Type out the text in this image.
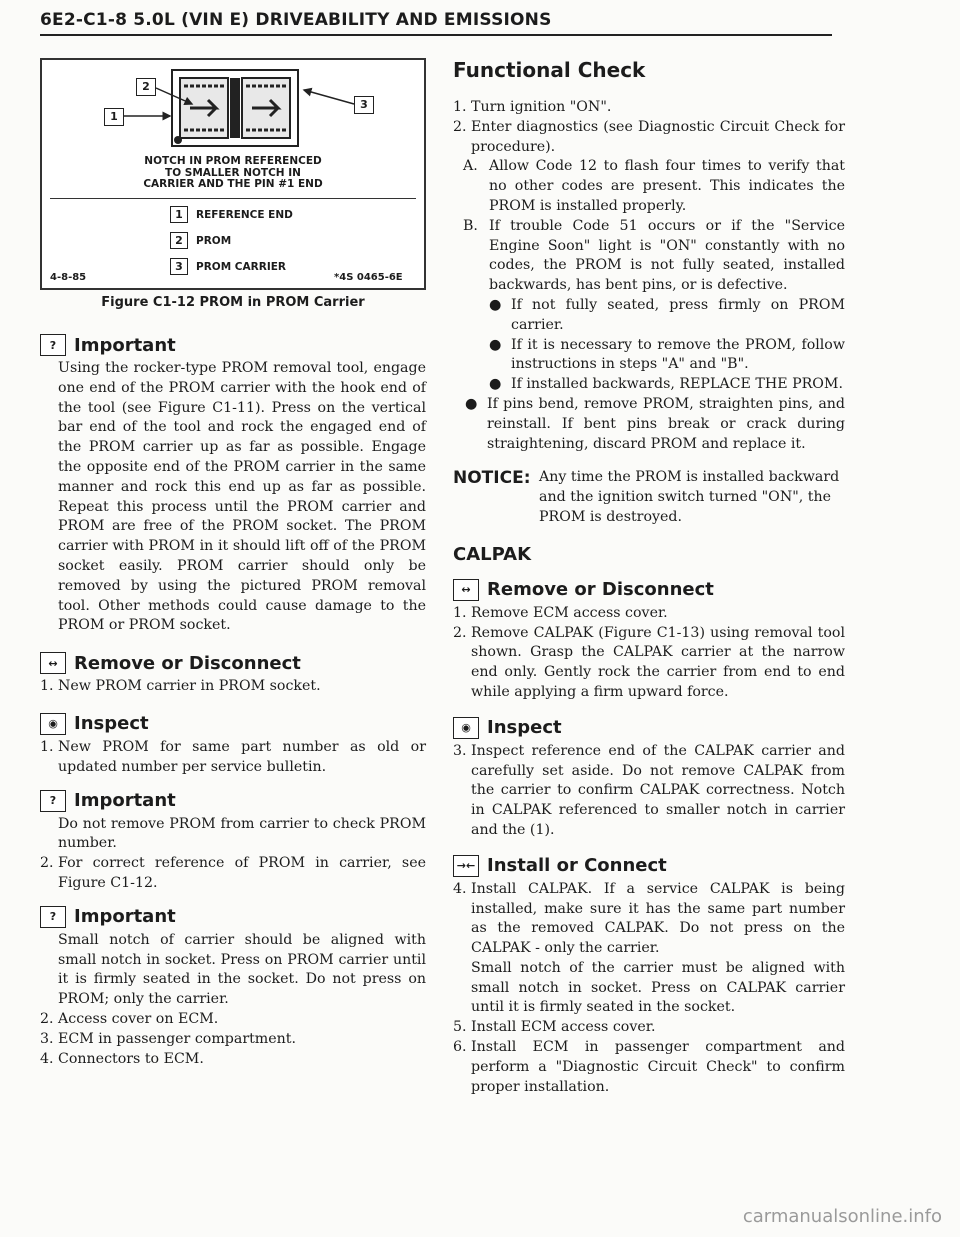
6E2-C1-8 5.0L (VIN E) DRIVEABILITY AND EMISSIONS
2
1
3
NOTCH IN PROM REFERENCED
TO SMALLER NOTCH IN
CARRIER AND THE PIN #1 END
1 REFERENCE END
2 PROM
3 PROM CARRIER
4-8-85	*4S 0465-6E
Figure C1-12 PROM in PROM Carrier
? Important

Using the rocker-type PROM removal tool, engage one end of the PROM carrier with the hook end of the tool (see Figure C1-11). Press on the vertical bar end of the tool and rock the engaged end of the PROM carrier up as far as possible. Engage the opposite end of the PROM carrier in the same manner and rock this end up as far as possible. Repeat this process until the PROM carrier and PROM are free of the PROM socket. The PROM carrier with PROM in it should lift off of the PROM socket easily. PROM carrier should only be removed by using the pictured PROM removal tool. Other methods could cause damage to the PROM or PROM socket.

↔ Remove or Disconnect
1. New PROM carrier in PROM socket.
◉ Inspect
1. New PROM for same part number as old or updated number per service bulletin.
? Important

Do not remove PROM from carrier to check PROM number.

2. For correct reference of PROM in carrier, see Figure C1-12.
? Important

Small notch of carrier should be aligned with small notch in socket. Press on PROM carrier until it is firmly seated in the socket. Do not press on PROM; only the carrier.

2. Access cover on ECM.
3. ECM in passenger compartment.
4. Connectors to ECM.
Functional Check
1. Turn ignition "ON".
2. Enter diagnostics (see Diagnostic Circuit Check for procedure).
A. Allow Code 12 to flash four times to verify that no other codes are present. This indicates the PROM is installed properly.
B. If trouble Code 51 occurs or if the "Service Engine Soon" light is "ON" constantly with no codes, the PROM is not fully seated, installed backwards, has bent pins, or is defective.
● If not fully seated, press firmly on PROM carrier.
● If it is necessary to remove the PROM, follow instructions in steps "A" and "B".
● If installed backwards, REPLACE THE PROM.
● If pins bend, remove PROM, straighten pins, and reinstall. If bent pins break or crack during straightening, discard PROM and replace it.
NOTICE: Any time the PROM is installed backward and the ignition switch turned "ON", the PROM is destroyed.
CALPAK
↔ Remove or Disconnect
1. Remove ECM access cover.
2. Remove CALPAK (Figure C1-13) using removal tool shown. Grasp the CALPAK carrier at the narrow end only. Gently rock the carrier from end to end while applying a firm upward force.
◉ Inspect
3. Inspect reference end of the CALPAK carrier and carefully set aside. Do not remove CALPAK from the carrier to confirm CALPAK correctness. Notch in CALPAK referenced to smaller notch in carrier and the (1).
→← Install or Connect
4. Install CALPAK. If a service CALPAK is being installed, make sure it has the same part number as the removed CALPAK. Do not press on the CALPAK - only the carrier.

Small notch of the carrier must be aligned with small notch in socket. Press on CALPAK carrier until it is firmly seated in the socket.

5. Install ECM access cover.
6. Install ECM in passenger compartment and perform a "Diagnostic Circuit Check" to confirm proper installation.
carmanualsonline.info
